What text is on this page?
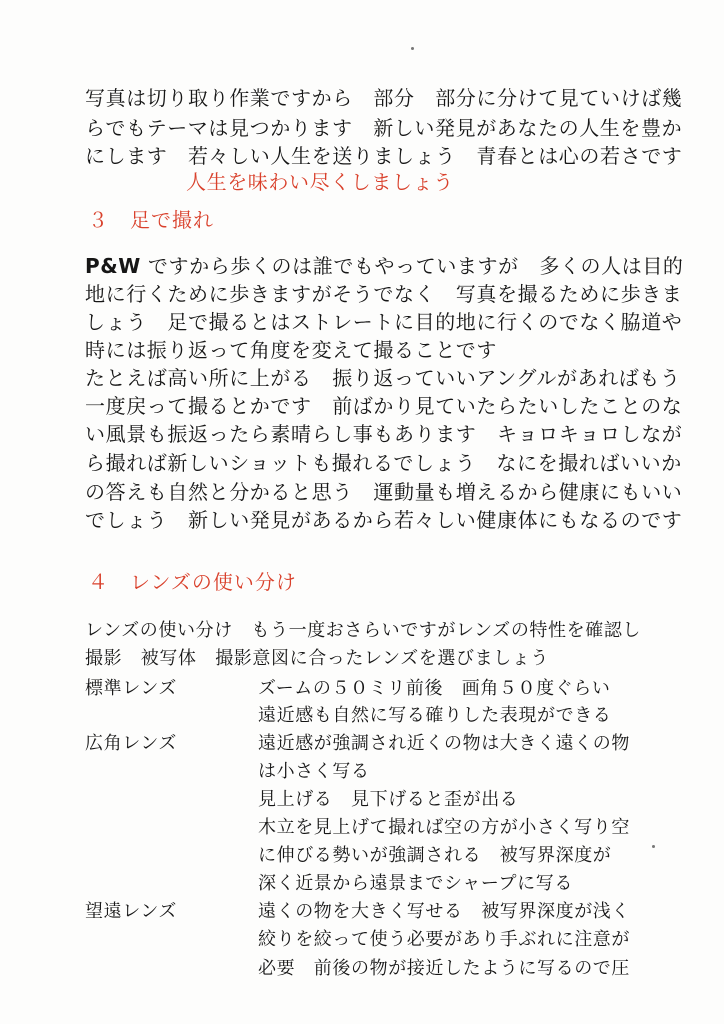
写真は切り取り作業ですから　部分　部分に分けて見ていけば幾
らでもテーマは見つかります　新しい発見があなたの人生を豊か
にします　若々しい人生を送りましょう　青春とは心の若さです
人生を味わい尽くしましょう
３　足で撮れ
P&W ですから歩くのは誰でもやっていますが　多くの人は目的
地に行くために歩きますがそうでなく　写真を撮るために歩きま
しょう　足で撮るとはストレートに目的地に行くのでなく脇道や
時には振り返って角度を変えて撮ることです
たとえば高い所に上がる　振り返っていいアングルがあればもう
一度戻って撮るとかです　前ばかり見ていたらたいしたことのな
い風景も振返ったら素晴らし事もあります　キョロキョロしなが
ら撮れば新しいショットも撮れるでしょう　なにを撮ればいいか
の答えも自然と分かると思う　運動量も増えるから健康にもいい
でしょう　新しい発見があるから若々しい健康体にもなるのです
４　レンズの使い分け
レンズの使い分け　もう一度おさらいですがレンズの特性を確認し
撮影　被写体　撮影意図に合ったレンズを選びましょう
標準レンズ	ズームの５０ミリ前後　画角５０度ぐらい
遠近感も自然に写る確りした表現ができる
広角レンズ	遠近感が強調され近くの物は大きく遠くの物
は小さく写る
見上げる　見下げると歪が出る
木立を見上げて撮れば空の方が小さく写り空
に伸びる勢いが強調される　被写界深度が
深く近景から遠景までシャープに写る
望遠レンズ	遠くの物を大きく写せる　被写界深度が浅く
絞りを絞って使う必要があり手ぶれに注意が
必要　前後の物が接近したように写るので圧
